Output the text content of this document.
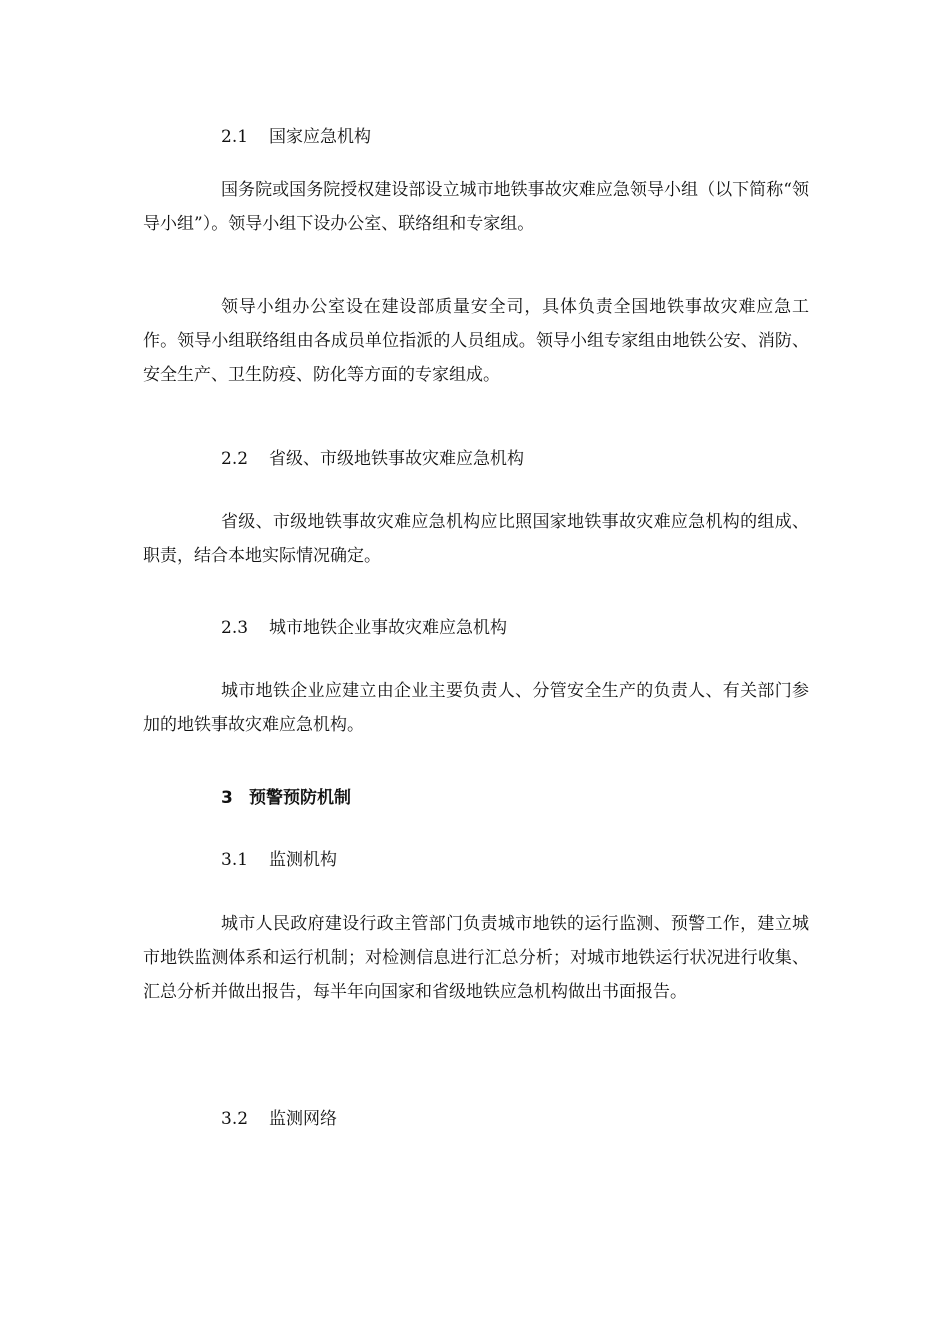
2.1 国家应急机构

国务院或国务院授权建设部设立城市地铁事故灾难应急领导小组（以下简称“领导小组”）。领导小组下设办公室、联络组和专家组。

领导小组办公室设在建设部质量安全司，具体负责全国地铁事故灾难应急工作。领导小组联络组由各成员单位指派的人员组成。领导小组专家组由地铁公安、消防、安全生产、卫生防疫、防化等方面的专家组成。

2.2 省级、市级地铁事故灾难应急机构

省级、市级地铁事故灾难应急机构应比照国家地铁事故灾难应急机构的组成、职责，结合本地实际情况确定。

2.3 城市地铁企业事故灾难应急机构

城市地铁企业应建立由企业主要负责人、分管安全生产的负责人、有关部门参加的地铁事故灾难应急机构。

3 预警预防机制
3.1 监测机构

城市人民政府建设行政主管部门负责城市地铁的运行监测、预警工作，建立城市地铁监测体系和运行机制；对检测信息进行汇总分析；对城市地铁运行状况进行收集、汇总分析并做出报告，每半年向国家和省级地铁应急机构做出书面报告。

3.2 监测网络
